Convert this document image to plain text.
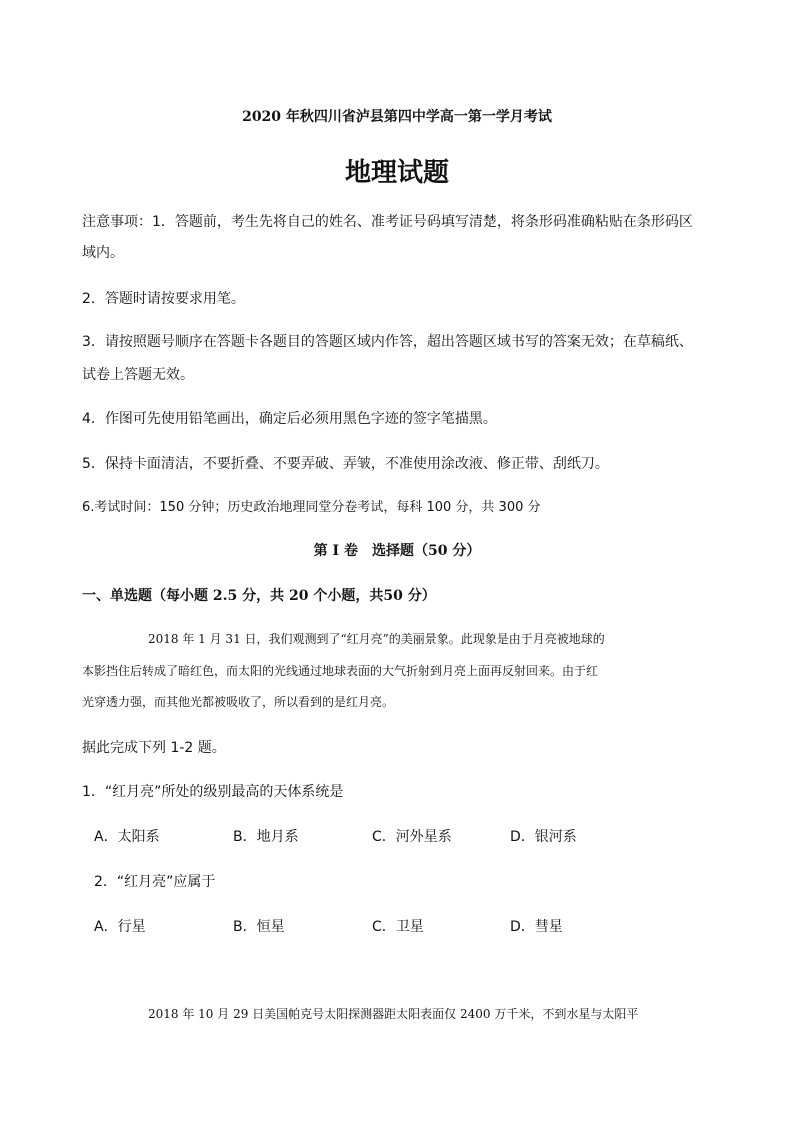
2020 年秋四川省泸县第四中学高一第一学月考试
地理试题
注意事项：1．答题前，考生先将自己的姓名、准考证号码填写清楚，将条形码准确粘贴在条形码区
域内。
2．答题时请按要求用笔。
3．请按照题号顺序在答题卡各题目的答题区域内作答，超出答题区域书写的答案无效；在草稿纸、
试卷上答题无效。
4．作图可先使用铅笔画出，确定后必须用黑色字迹的签字笔描黑。
5．保持卡面清洁，不要折叠、不要弄破、弄皱，不准使用涂改液、修正带、刮纸刀。
6.考试时间：150 分钟；历史政治地理同堂分卷考试，每科 100 分，共 300 分
第 I 卷　选择题（50 分）
一、单选题（每小题 2.5 分，共 20 个小题，共50 分）
2018 年 1 月 31 日，我们观测到了“红月亮”的美丽景象。此现象是由于月亮被地球的
本影挡住后转成了暗红色，而太阳的光线通过地球表面的大气折射到月亮上面再反射回来。由于红
光穿透力强，而其他光都被吸收了，所以看到的是红月亮。
据此完成下列 1-2 题。
1．“红月亮”所处的级别最高的天体系统是
A．太阳系	B．地月系	C．河外星系	D．银河系
2．“红月亮”应属于
A．行星	B．恒星	C．卫星	D．彗星
2018 年 10 月 29 日美国帕克号太阳探测器距太阳表面仅 2400 万千米，不到水星与太阳平
